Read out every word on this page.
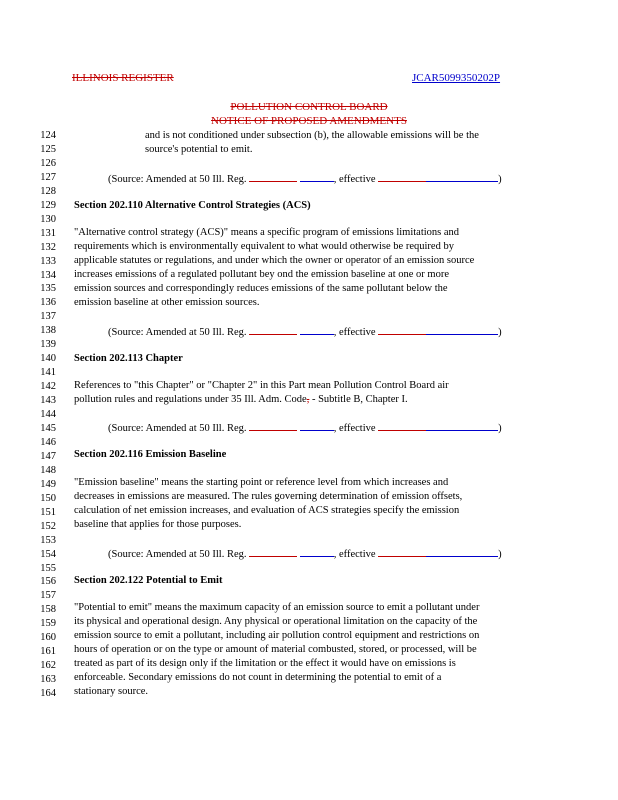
ILLINOIS REGISTER	JCAR5099350202P
POLLUTION CONTROL BOARD
NOTICE OF PROPOSED AMENDMENTS
124
125
126
127
128
129
130
131
132
133
134
135
136
137
138
139
140
141
142
143
144
145
146
147
148
149
150
151
152
153
154
155
156
157
158
159
160
161
162
163
164
and is not conditioned under subsection (b), the allowable emissions will be the
source's potential to emit.
(Source: Amended at 50 Ill. Reg.	, effective	)
Section 202.110 Alternative Control Strategies (ACS)
"Alternative control strategy (ACS)" means a specific program of emissions limitations and
requirements which is environmentally equivalent to what would otherwise be required by
applicable statutes or regulations, and under which the owner or operator of an emission source
increases emissions of a regulated pollutant bey ond the emission baseline at one or more
emission sources and correspondingly reduces emissions of the same pollutant below the
emission baseline at other emission sources.
(Source: Amended at 50 Ill. Reg.	, effective	)
Section 202.113 Chapter
References to "this Chapter" or "Chapter 2" in this Part mean Pollution Control Board air
pollution rules and regulations under 35 Ill. Adm. Code, - Subtitle B, Chapter I.
(Source: Amended at 50 Ill. Reg.	, effective	)
Section 202.116 Emission Baseline
"Emission baseline" means the starting point or reference level from which increases and
decreases in emissions are measured. The rules governing determination of emission offsets,
calculation of net emission increases, and evaluation of ACS strategies specify the emission
baseline that applies for those purposes.
(Source: Amended at 50 Ill. Reg.	, effective	)
Section 202.122 Potential to Emit
"Potential to emit" means the maximum capacity of an emission source to emit a pollutant under
its physical and operational design. Any physical or operational limitation on the capacity of the
emission source to emit a pollutant, including air pollution control equipment and restrictions on
hours of operation or on the type or amount of material combusted, stored, or processed, will be
treated as part of its design only if the limitation or the effect it would have on emissions is
enforceable. Secondary emissions do not count in determining the potential to emit of a
stationary source.
